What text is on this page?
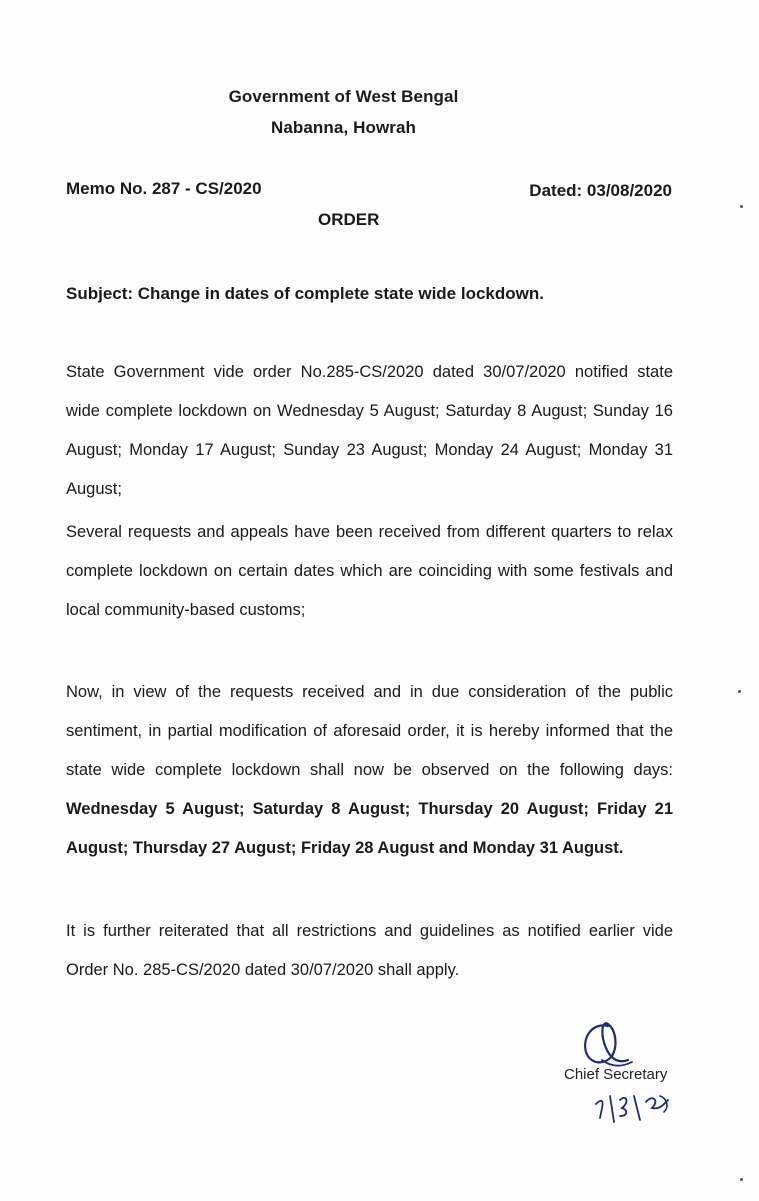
Government of West Bengal
Nabanna, Howrah
Memo No. 287 - CS/2020	Dated: 03/08/2020
ORDER
Subject: Change in dates of complete state wide lockdown.
State Government vide order No.285-CS/2020 dated 30/07/2020 notified state wide complete lockdown on Wednesday 5 August; Saturday 8 August; Sunday 16 August; Monday 17 August; Sunday 23 August; Monday 24 August; Monday 31 August;
Several requests and appeals have been received from different quarters to relax complete lockdown on certain dates which are coinciding with some festivals and local community-based customs;
Now, in view of the requests received and in due consideration of the public sentiment, in partial modification of aforesaid order, it is hereby informed that the state wide complete lockdown shall now be observed on the following days: Wednesday 5 August; Saturday 8 August; Thursday 20 August; Friday 21 August; Thursday 27 August; Friday 28 August and Monday 31 August.
It is further reiterated that all restrictions and guidelines as notified earlier vide Order No. 285-CS/2020 dated 30/07/2020 shall apply.
Chief Secretary
